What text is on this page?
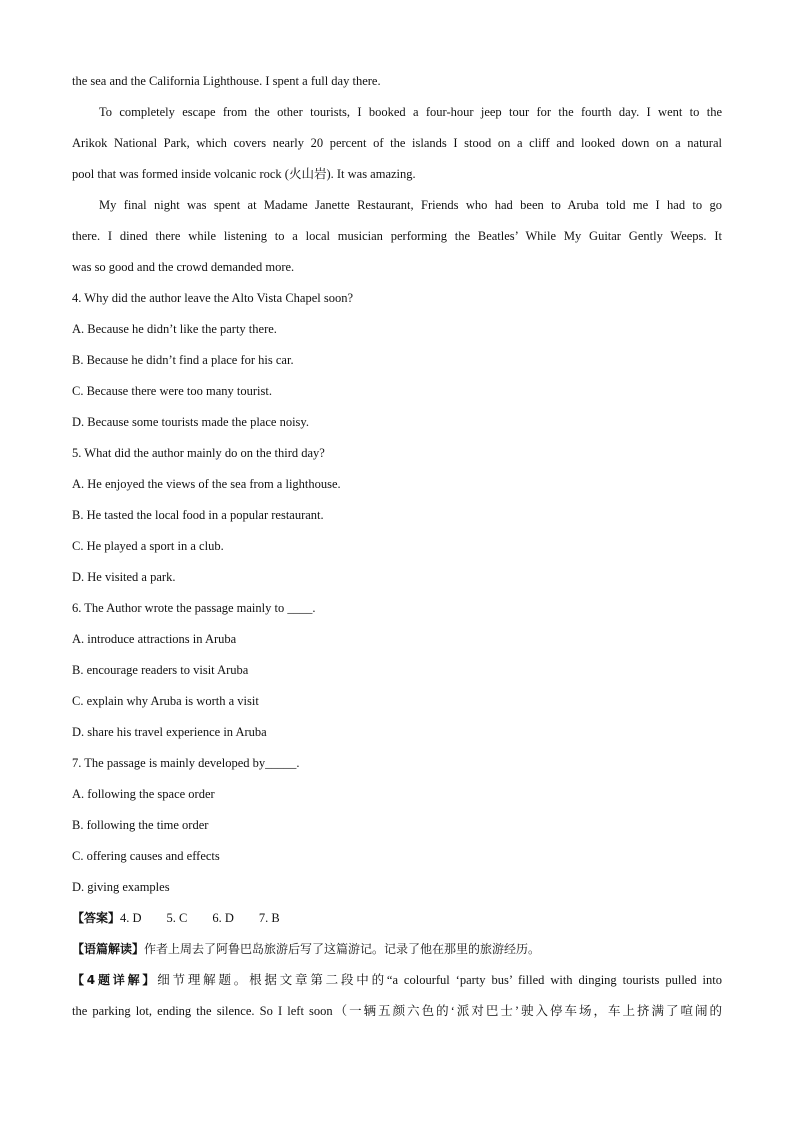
the sea and the California Lighthouse. I spent a full day there.
To completely escape from the other tourists, I booked a four-hour jeep tour for the fourth day. I went to the
Arikok National Park, which covers nearly 20 percent of the islands I stood on a cliff and looked down on a natural
pool that was formed inside volcanic rock (火山岩). It was amazing.
My final night was spent at Madame Janette Restaurant, Friends who had been to Aruba told me I had to go
there. I dined there while listening to a local musician performing the Beatles’ While My Guitar Gently Weeps. It
was so good and the crowd demanded more.
4. Why did the author leave the Alto Vista Chapel soon?
A. Because he didn’t like the party there.
B. Because he didn’t find a place for his car.
C. Because there were too many tourist.
D. Because some tourists made the place noisy.
5. What did the author mainly do on the third day?
A. He enjoyed the views of the sea from a lighthouse.
B. He tasted the local food in a popular restaurant.
C. He played a sport in a club.
D. He visited a park.
6. The Author wrote the passage mainly to ____.
A. introduce attractions in Aruba
B. encourage readers to visit Aruba
C. explain why Aruba is worth a visit
D. share his travel experience in Aruba
7. The passage is mainly developed by_____.
A. following the space order
B. following the time order
C. offering causes and effects
D. giving examples
【答案】4. D        5. C        6. D        7. B
【语篇解读】作者上周去了阿鲁巴岛旅游后写了这篇游记。记录了他在那里的旅游经历。
【4题详解】细节理解题。根据文章第二段中的“a colourful ‘party bus’ filled with dinging tourists pulled into
the parking lot, ending the silence. So I left soon（一辆五颜六色的‘派对巴士’驶入停车场，车上挤满了喧闹的
